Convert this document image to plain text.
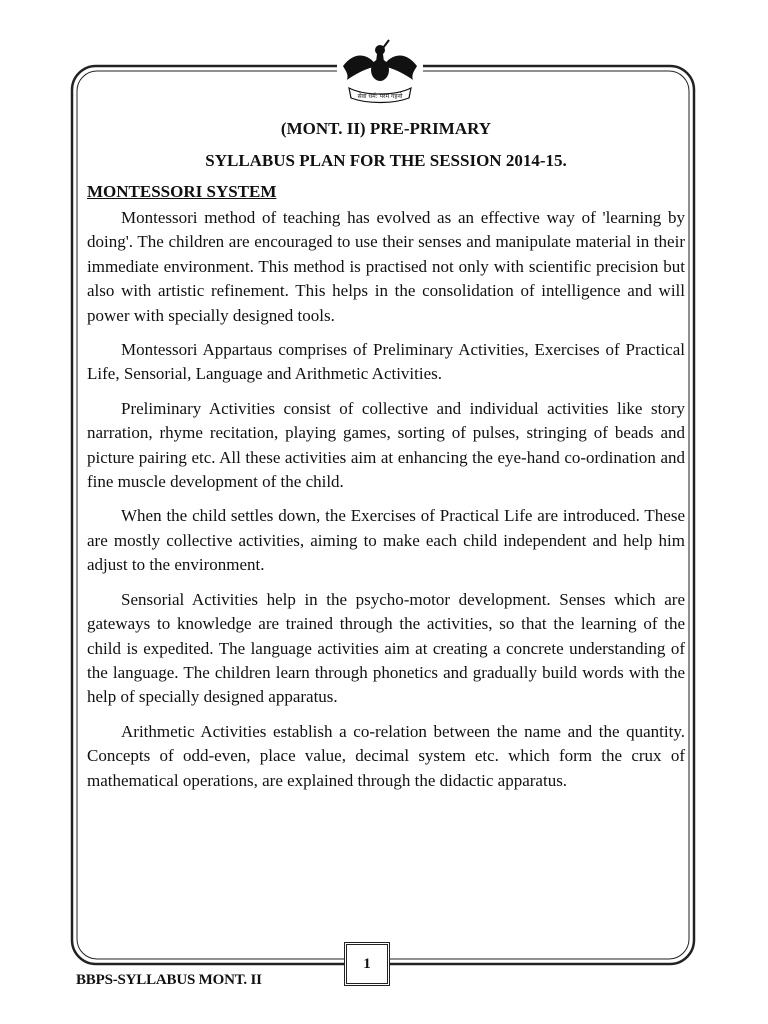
सेवा धर्म: परम गहनो

(MONT. II) PRE-PRIMARY

SYLLABUS PLAN FOR THE SESSION 2014-15.

MONTESSORI SYSTEM

Montessori method of teaching has evolved as an effective way of 'learning by doing'. The children are encouraged to use their senses and manipulate material in their immediate environment. This method is practised not only with scientific precision but also with artistic refinement. This helps in the consolidation of intelligence and will power with specially designed tools.

Montessori Appartaus comprises of Preliminary Activities, Exercises of Practical Life, Sensorial, Language and Arithmetic Activities.

Preliminary Activities consist of collective and individual activities like story narration, rhyme recitation, playing games, sorting of pulses, stringing of beads and picture pairing etc. All these activities aim at enhancing the eye-hand co-ordination and fine muscle development of the child.

When the child settles down, the Exercises of Practical Life are introduced. These are mostly collective activities, aiming to make each child independent and help him adjust to the environment.

Sensorial Activities help in the psycho-motor development. Senses which are gateways to knowledge are trained through the activities, so that the learning of the child is expedited. The language activities aim at creating a concrete understanding of the language. The children learn through phonetics and gradually build words with the help of specially designed apparatus.

Arithmetic Activities establish a co-relation between the name and the quantity. Concepts of odd-even, place value, decimal system etc. which form the crux of mathematical operations, are explained through the didactic apparatus.

1
BBPS-SYLLABUS MONT. II
